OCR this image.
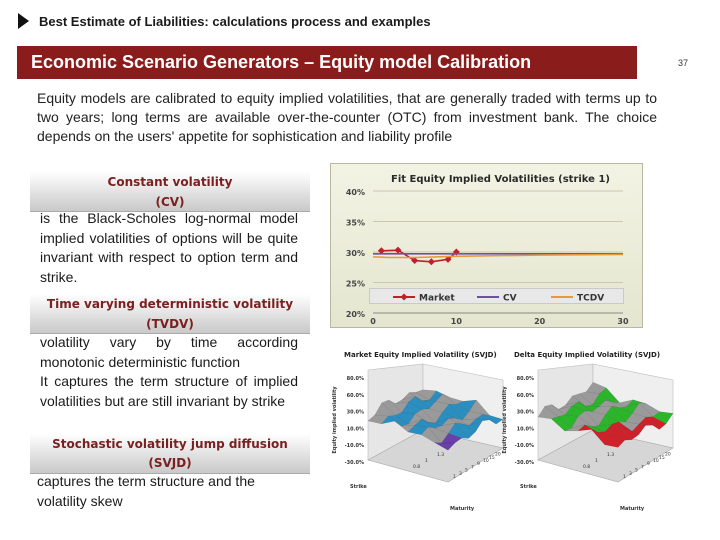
Best Estimate of Liabilities: calculations process and examples
Economic Scenario Generators – Equity model Calibration	37
Equity models are calibrated to equity implied volatilities, that are generally traded with terms up to two years; long terms are available over-the-counter (OTC) from investment bank. The choice depends on the users' appetite for sophistication and liability profile
Constant volatility
(CV)
is the Black-Scholes log-normal model implied volatilities of options will be quite invariant with respect to option term and strike.
Time varying deterministic volatility
(TVDV)
volatility vary by time according monotonic deterministic function
It captures the term structure of implied volatilities but are still invariant by strike
Stochastic volatility jump diffusion
(SVJD)
captures the term structure and the volatility skew
Fit Equity Implied Volatilities (strike 1)
40%
35%
30%
25%
20%
0	10	20	30
Market	CV	TCDV
Market Equity Implied Volatility (SVJD)
80.0%
60.0%
30.0%
10.0%
-10.0%
-30.0%
Equity implied volatility
Strike
0.8
1
1.3
1
3
5
7
9
10
15
20
Maturity
Delta Equity Implied Volatility (SVJD)
80.0%
60.0%
30.0%
10.0%
-10.0%
-30.0%
Equity implied volatility
Strike
0.8
1
1.3
1
3
5
7
9
10
15
20
Maturity
